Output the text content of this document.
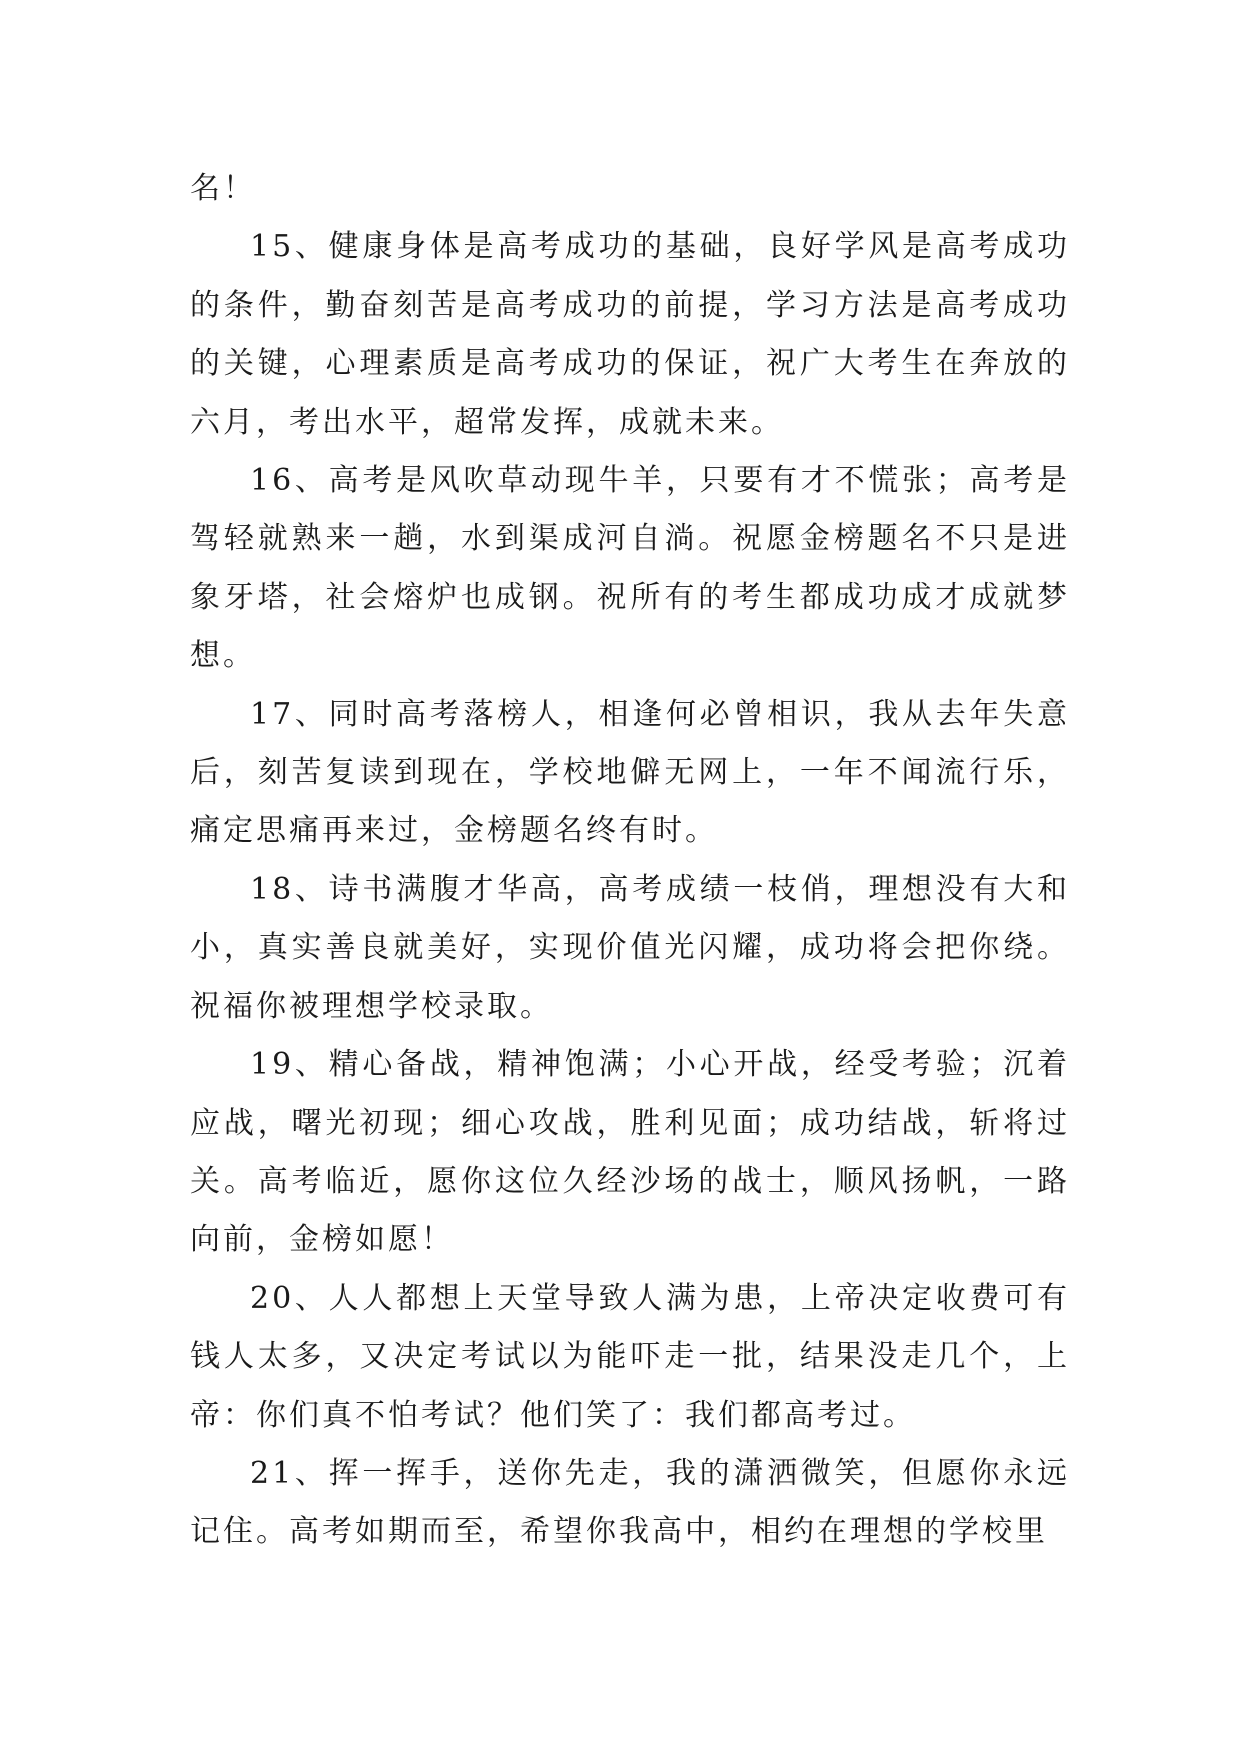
名！

15、健康身体是高考成功的基础，良好学风是高考成功的条件，勤奋刻苦是高考成功的前提，学习方法是高考成功的关键，心理素质是高考成功的保证，祝广大考生在奔放的六月，考出水平，超常发挥，成就未来。

16、高考是风吹草动现牛羊，只要有才不慌张；高考是驾轻就熟来一趟，水到渠成河自淌。祝愿金榜题名不只是进象牙塔，社会熔炉也成钢。祝所有的考生都成功成才成就梦想。

17、同时高考落榜人，相逢何必曾相识，我从去年失意后，刻苦复读到现在，学校地僻无网上，一年不闻流行乐，痛定思痛再来过，金榜题名终有时。

18、诗书满腹才华高，高考成绩一枝俏，理想没有大和小，真实善良就美好，实现价值光闪耀，成功将会把你绕。祝福你被理想学校录取。

19、精心备战，精神饱满；小心开战，经受考验；沉着应战，曙光初现；细心攻战，胜利见面；成功结战，斩将过关。高考临近，愿你这位久经沙场的战士，顺风扬帆，一路向前，金榜如愿！

20、人人都想上天堂导致人满为患，上帝决定收费可有钱人太多，又决定考试以为能吓走一批，结果没走几个，上帝：你们真不怕考试？他们笑了：我们都高考过。

21、挥一挥手，送你先走，我的潇洒微笑，但愿你永远记住。高考如期而至，希望你我高中，相约在理想的学校里
